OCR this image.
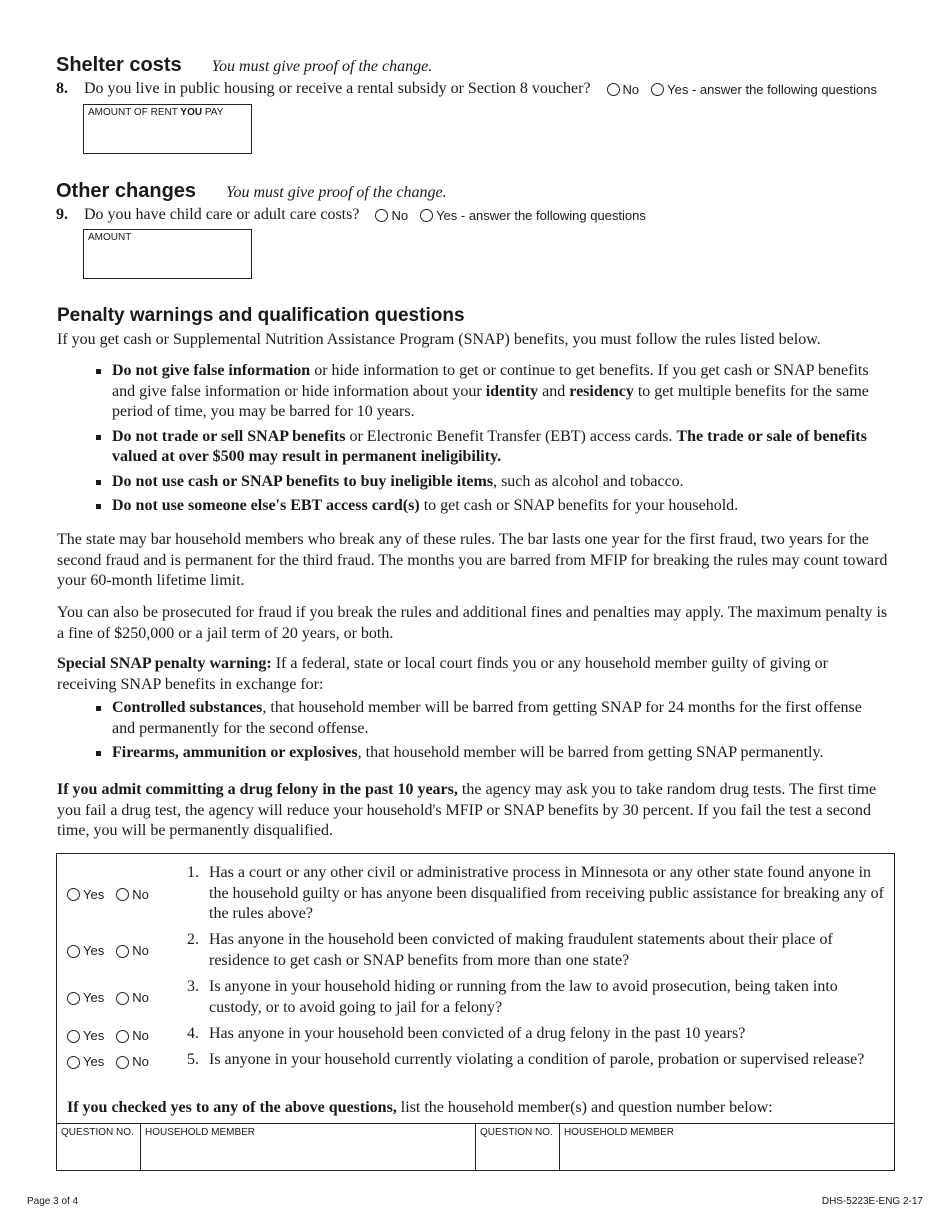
Shelter costs You must give proof of the change.
8.	Do you live in public housing or receive a rental subsidy or Section 8 voucher? No Yes - answer the following questions
AMOUNT OF RENT YOU PAY
Other changes You must give proof of the change.
9.	Do you have child care or adult care costs? No Yes - answer the following questions
AMOUNT
Penalty warnings and qualification questions
If you get cash or Supplemental Nutrition Assistance Program (SNAP) benefits, you must follow the rules listed below.
Do not give false information or hide information to get or continue to get benefits. If you get cash or SNAP benefits and give false information or hide information about your identity and residency to get multiple benefits for the same period of time, you may be barred for 10 years.
Do not trade or sell SNAP benefits or Electronic Benefit Transfer (EBT) access cards. The trade or sale of benefits valued at over $500 may result in permanent ineligibility.
Do not use cash or SNAP benefits to buy ineligible items, such as alcohol and tobacco.
Do not use someone else's EBT access card(s) to get cash or SNAP benefits for your household.
The state may bar household members who break any of these rules. The bar lasts one year for the first fraud, two years for the second fraud and is permanent for the third fraud. The months you are barred from MFIP for breaking the rules may count toward your 60-month lifetime limit.
You can also be prosecuted for fraud if you break the rules and additional fines and penalties may apply. The maximum penalty is a fine of $250,000 or a jail term of 20 years, or both.
Special SNAP penalty warning: If a federal, state or local court finds you or any household member guilty of giving or receiving SNAP benefits in exchange for:
Controlled substances, that household member will be barred from getting SNAP for 24 months for the first offense and permanently for the second offense.
Firearms, ammunition or explosives, that household member will be barred from getting SNAP permanently.
If you admit committing a drug felony in the past 10 years, the agency may ask you to take random drug tests. The first time you fail a drug test, the agency will reduce your household's MFIP or SNAP benefits by 30 percent. If you fail the test a second time, you will be permanently disqualified.
Yes No
1. Has a court or any other civil or administrative process in Minnesota or any other state found anyone in the household guilty or has anyone been disqualified from receiving public assistance for breaking any of the rules above?
Yes No
2. Has anyone in the household been convicted of making fraudulent statements about their place of residence to get cash or SNAP benefits from more than one state?
Yes No
3. Is anyone in your household hiding or running from the law to avoid prosecution, being taken into custody, or to avoid going to jail for a felony?
Yes No	4. Has anyone in your household been convicted of a drug felony in the past 10 years?
Yes No	5. Is anyone in your household currently violating a condition of parole, probation or supervised release?
If you checked yes to any of the above questions, list the household member(s) and question number below:
QUESTION NO.	HOUSEHOLD MEMBER	QUESTION NO.	HOUSEHOLD MEMBER
Page 3 of 4	DHS-5223E-ENG 2-17
